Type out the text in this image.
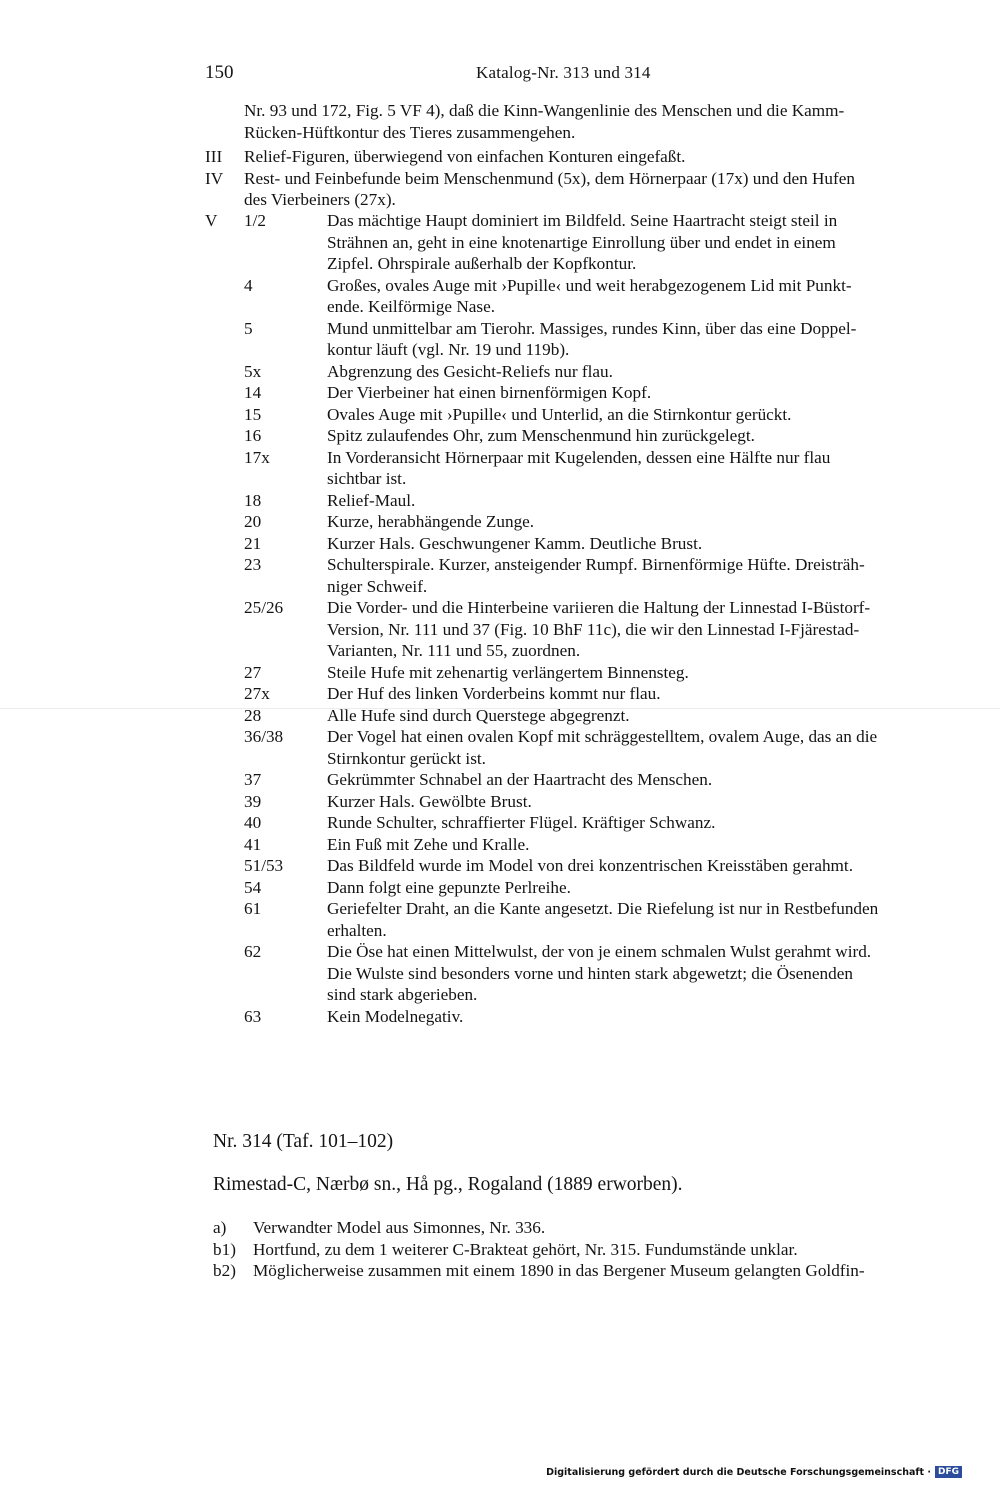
150	Katalog-Nr. 313 und 314

Nr. 93 und 172, Fig. 5 VF 4), daß die Kinn-Wangenlinie des Menschen und die Kamm-

Rücken-Hüftkontur des Tieres zusammengehen.

III	Relief-Figuren, überwiegend von einfachen Konturen eingefaßt.
IV	Rest- und Feinbefunde beim Menschenmund (5x), dem Hörnerpaar (17x) und den Hufen
des Vierbeiners (27x).
V	1/2	Das mächtige Haupt dominiert im Bildfeld. Seine Haartracht steigt steil in
Strähnen an, geht in eine knotenartige Einrollung über und endet in einem
Zipfel. Ohrspirale außerhalb der Kopfkontur.
4	Großes, ovales Auge mit ›Pupille‹ und weit herabgezogenem Lid mit Punkt-
ende. Keilförmige Nase.
5	Mund unmittelbar am Tierohr. Massiges, rundes Kinn, über das eine Doppel-
kontur läuft (vgl. Nr. 19 und 119b).
5x	Abgrenzung des Gesicht-Reliefs nur flau.
14	Der Vierbeiner hat einen birnenförmigen Kopf.
15	Ovales Auge mit ›Pupille‹ und Unterlid, an die Stirnkontur gerückt.
16	Spitz zulaufendes Ohr, zum Menschenmund hin zurückgelegt.
17x	In Vorderansicht Hörnerpaar mit Kugelenden, dessen eine Hälfte nur flau
sichtbar ist.
18	Relief-Maul.
20	Kurze, herabhängende Zunge.
21	Kurzer Hals. Geschwungener Kamm. Deutliche Brust.
23	Schulterspirale. Kurzer, ansteigender Rumpf. Birnenförmige Hüfte. Dreisträh-
niger Schweif.
25/26	Die Vorder- und die Hinterbeine variieren die Haltung der Linnestad I-Büstorf-
Version, Nr. 111 und 37 (Fig. 10 BhF 11c), die wir den Linnestad I-Fjärestad-
Varianten, Nr. 111 und 55, zuordnen.
27	Steile Hufe mit zehenartig verlängertem Binnensteg.
27x	Der Huf des linken Vorderbeins kommt nur flau.
28	Alle Hufe sind durch Querstege abgegrenzt.
36/38	Der Vogel hat einen ovalen Kopf mit schräggestelltem, ovalem Auge, das an die
Stirnkontur gerückt ist.
37	Gekrümmter Schnabel an der Haartracht des Menschen.
39	Kurzer Hals. Gewölbte Brust.
40	Runde Schulter, schraffierter Flügel. Kräftiger Schwanz.
41	Ein Fuß mit Zehe und Kralle.
51/53	Das Bildfeld wurde im Model von drei konzentrischen Kreisstäben gerahmt.
54	Dann folgt eine gepunzte Perlreihe.
61	Geriefelter Draht, an die Kante angesetzt. Die Riefelung ist nur in Restbefunden
erhalten.
62	Die Öse hat einen Mittelwulst, der von je einem schmalen Wulst gerahmt wird.
Die Wulste sind besonders vorne und hinten stark abgewetzt; die Ösenenden
sind stark abgerieben.
63	Kein Modelnegativ.
Nr. 314 (Taf. 101–102)
Rimestad-C, Nærbø sn., Hå pg., Rogaland (1889 erworben).
a)	Verwandter Model aus Simonnes, Nr. 336.
b1) Hortfund, zu dem 1 weiterer C-Brakteat gehört, Nr. 315. Fundumstände unklar.
b2) Möglicherweise zusammen mit einem 1890 in das Bergener Museum gelangten Goldfin-
Digitalisierung gefördert durch die Deutsche Forschungsgemeinschaft · DFG
